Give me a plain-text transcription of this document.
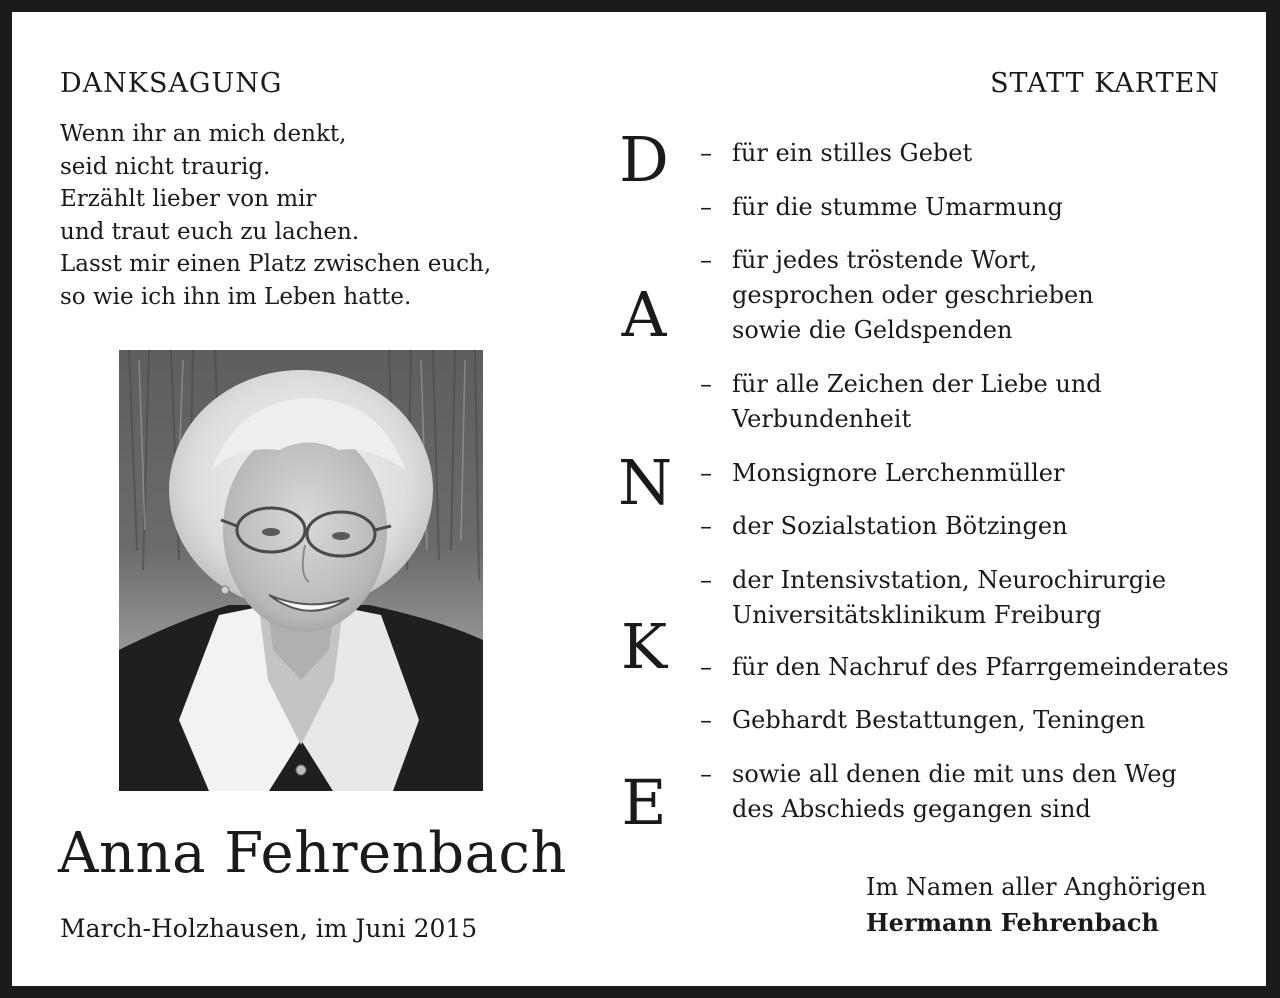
DANKSAGUNG	STATT KARTEN
Wenn ihr an mich denkt,
seid nicht traurig.
Erzählt lieber von mir
und traut euch zu lachen.
Lasst mir einen Platz zwischen euch,
so wie ich ihn im Leben hatte.
Anna Fehrenbach
March-Holzhausen, im Juni 2015
D
A
N
K
E
– für ein stilles Gebet
– für die stumme Umarmung
– für jedes tröstende Wort,
gesprochen oder geschrieben
sowie die Geldspenden
– für alle Zeichen der Liebe und
Verbundenheit
– Monsignore Lerchenmüller
– der Sozialstation Bötzingen
– der Intensivstation, Neurochirurgie
Universitätsklinikum Freiburg
– für den Nachruf des Pfarrgemeinderates
– Gebhardt Bestattungen, Teningen
– sowie all denen die mit uns den Weg
des Abschieds gegangen sind
Im Namen aller Anghörigen
Hermann Fehrenbach
